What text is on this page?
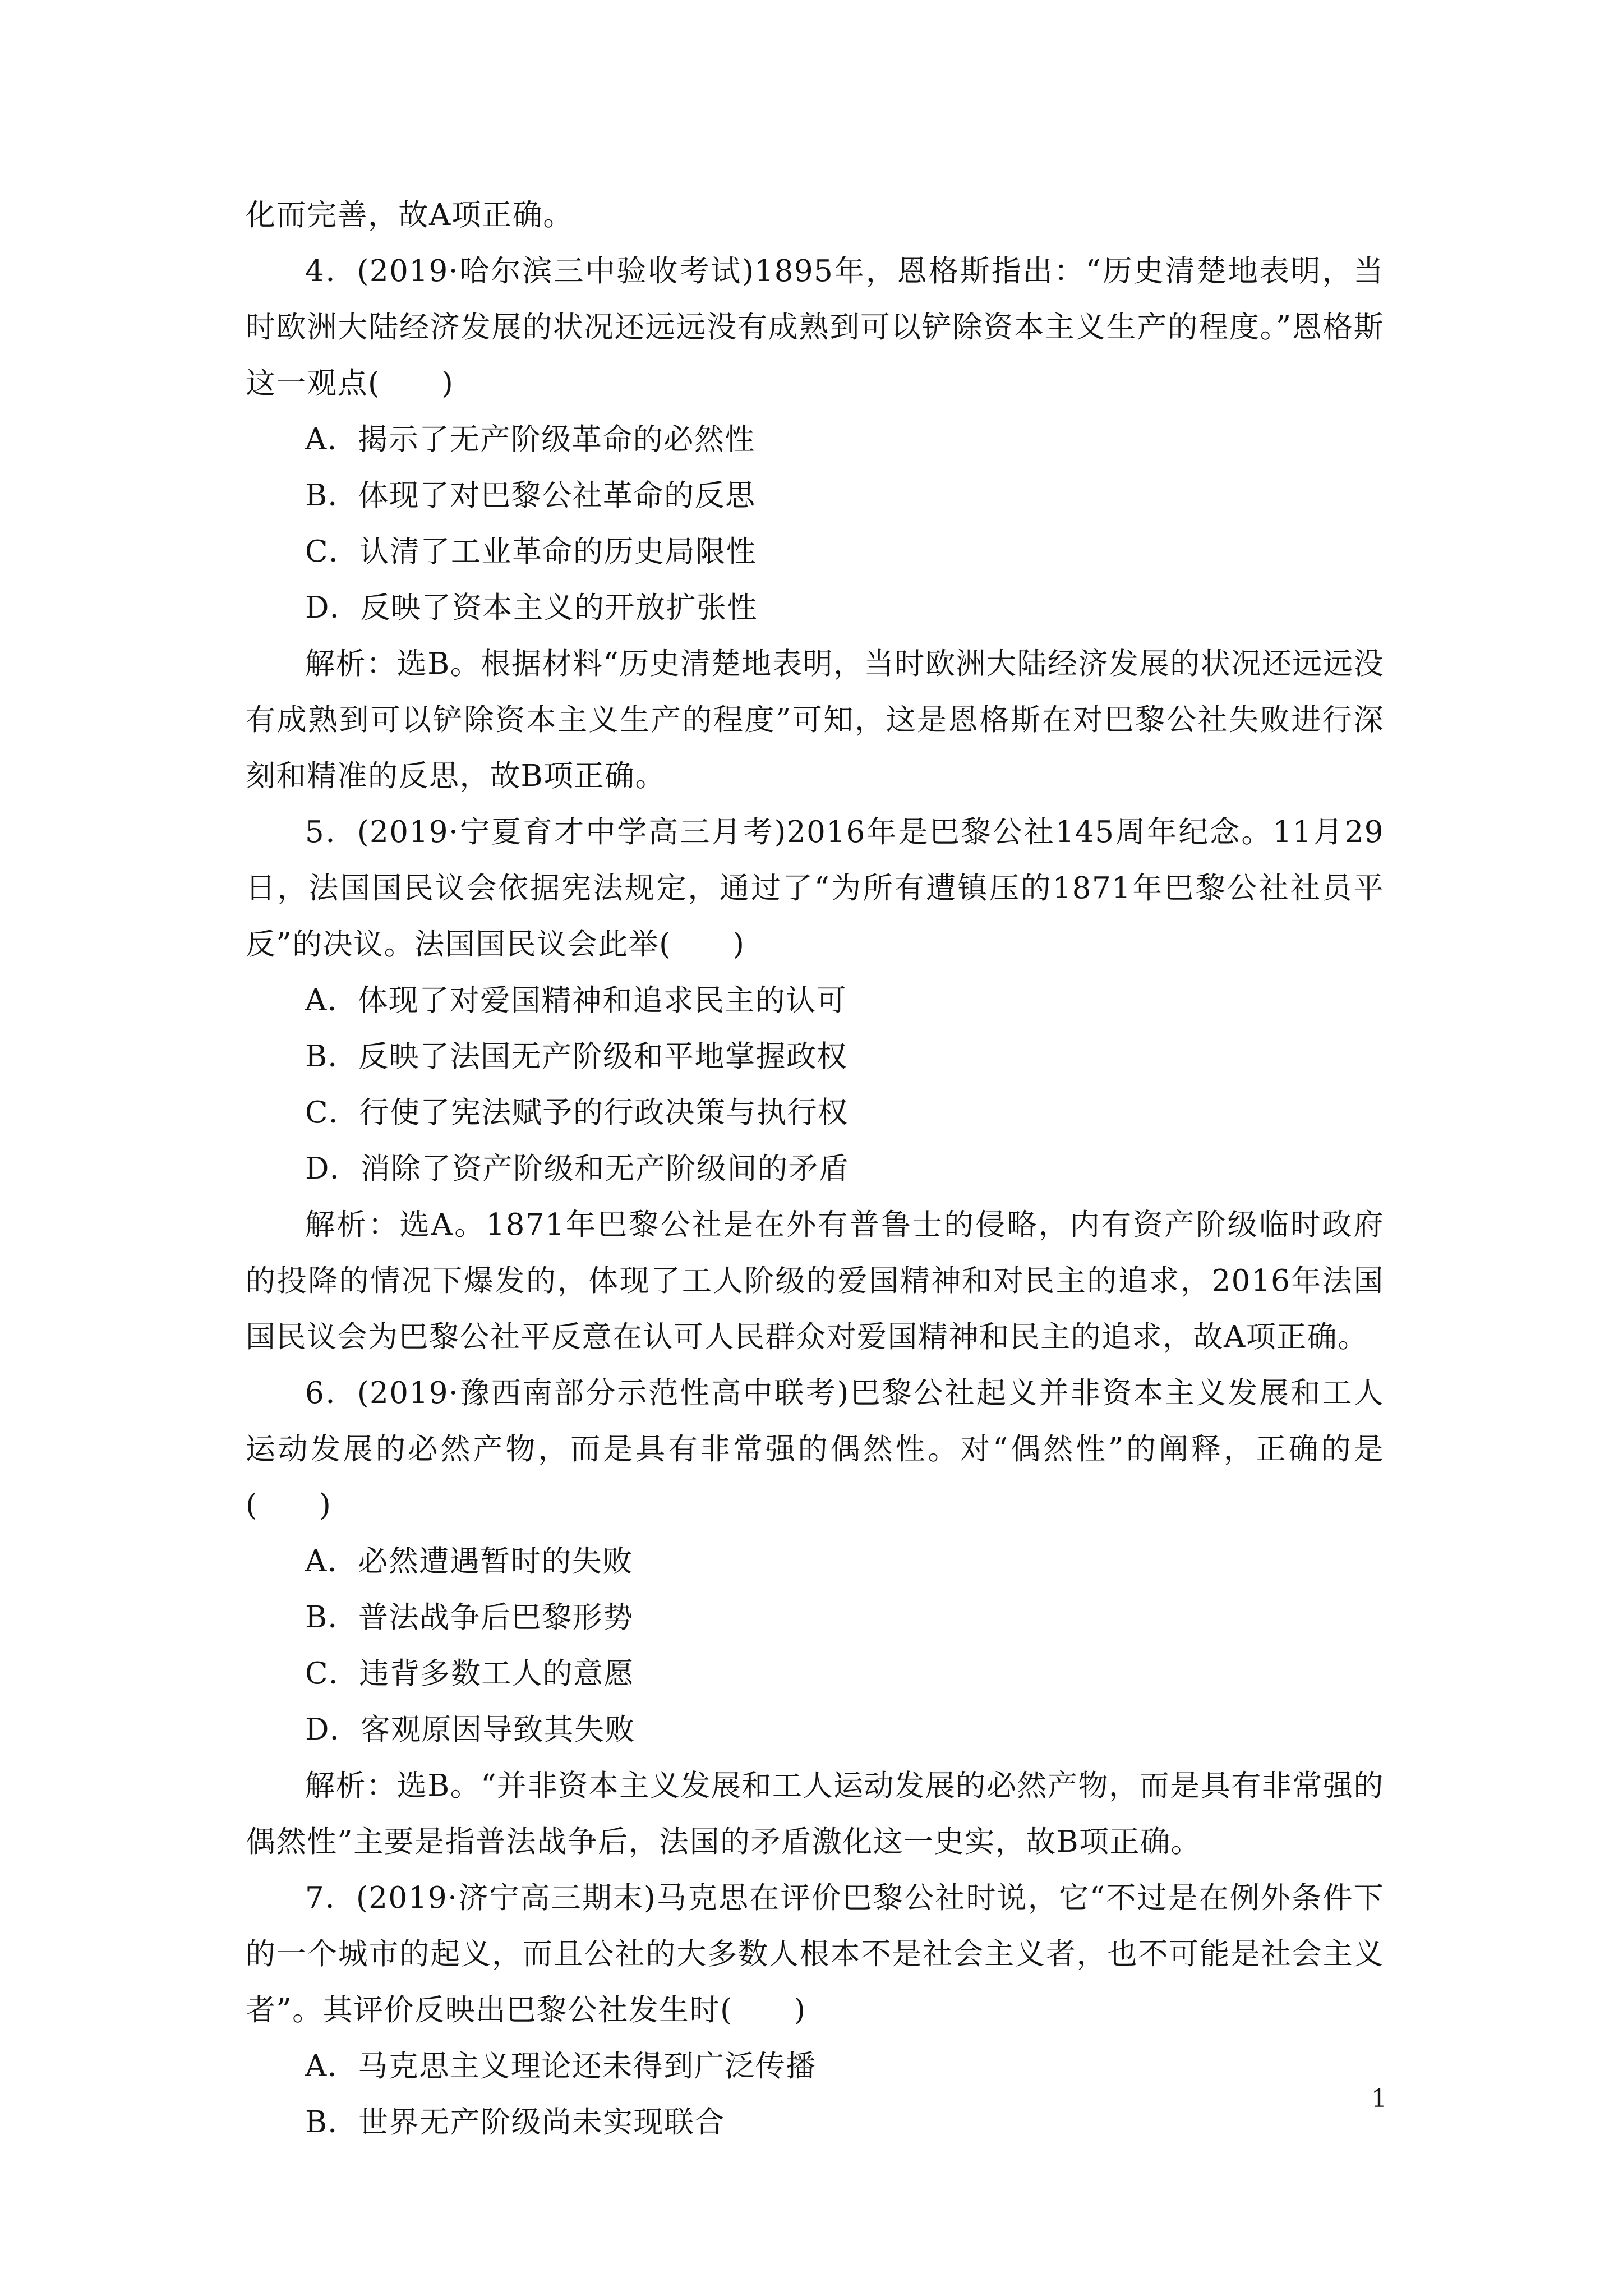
化而完善，故A项正确。

4．(2019·哈尔滨三中验收考试)1895年，恩格斯指出：“历史清楚地表明，当时欧洲大陆经济发展的状况还远远没有成熟到可以铲除资本主义生产的程度。”恩格斯这一观点(　　)

A．揭示了无产阶级革命的必然性

B．体现了对巴黎公社革命的反思

C．认清了工业革命的历史局限性

D．反映了资本主义的开放扩张性

解析：选B。根据材料“历史清楚地表明，当时欧洲大陆经济发展的状况还远远没有成熟到可以铲除资本主义生产的程度”可知，这是恩格斯在对巴黎公社失败进行深刻和精准的反思，故B项正确。

5．(2019·宁夏育才中学高三月考)2016年是巴黎公社145周年纪念。11月29日，法国国民议会依据宪法规定，通过了“为所有遭镇压的1871年巴黎公社社员平反”的决议。法国国民议会此举(　　)

A．体现了对爱国精神和追求民主的认可

B．反映了法国无产阶级和平地掌握政权

C．行使了宪法赋予的行政决策与执行权

D．消除了资产阶级和无产阶级间的矛盾

解析：选A。1871年巴黎公社是在外有普鲁士的侵略，内有资产阶级临时政府的投降的情况下爆发的，体现了工人阶级的爱国精神和对民主的追求，2016年法国国民议会为巴黎公社平反意在认可人民群众对爱国精神和民主的追求，故A项正确。

6．(2019·豫西南部分示范性高中联考)巴黎公社起义并非资本主义发展和工人运动发展的必然产物，而是具有非常强的偶然性。对“偶然性”的阐释，正确的是(　　)

A．必然遭遇暂时的失败

B．普法战争后巴黎形势

C．违背多数工人的意愿

D．客观原因导致其失败

解析：选B。“并非资本主义发展和工人运动发展的必然产物，而是具有非常强的偶然性”主要是指普法战争后，法国的矛盾激化这一史实，故B项正确。

7．(2019·济宁高三期末)马克思在评价巴黎公社时说，它“不过是在例外条件下的一个城市的起义，而且公社的大多数人根本不是社会主义者，也不可能是社会主义者”。其评价反映出巴黎公社发生时(　　)

A．马克思主义理论还未得到广泛传播

B．世界无产阶级尚未实现联合

1
